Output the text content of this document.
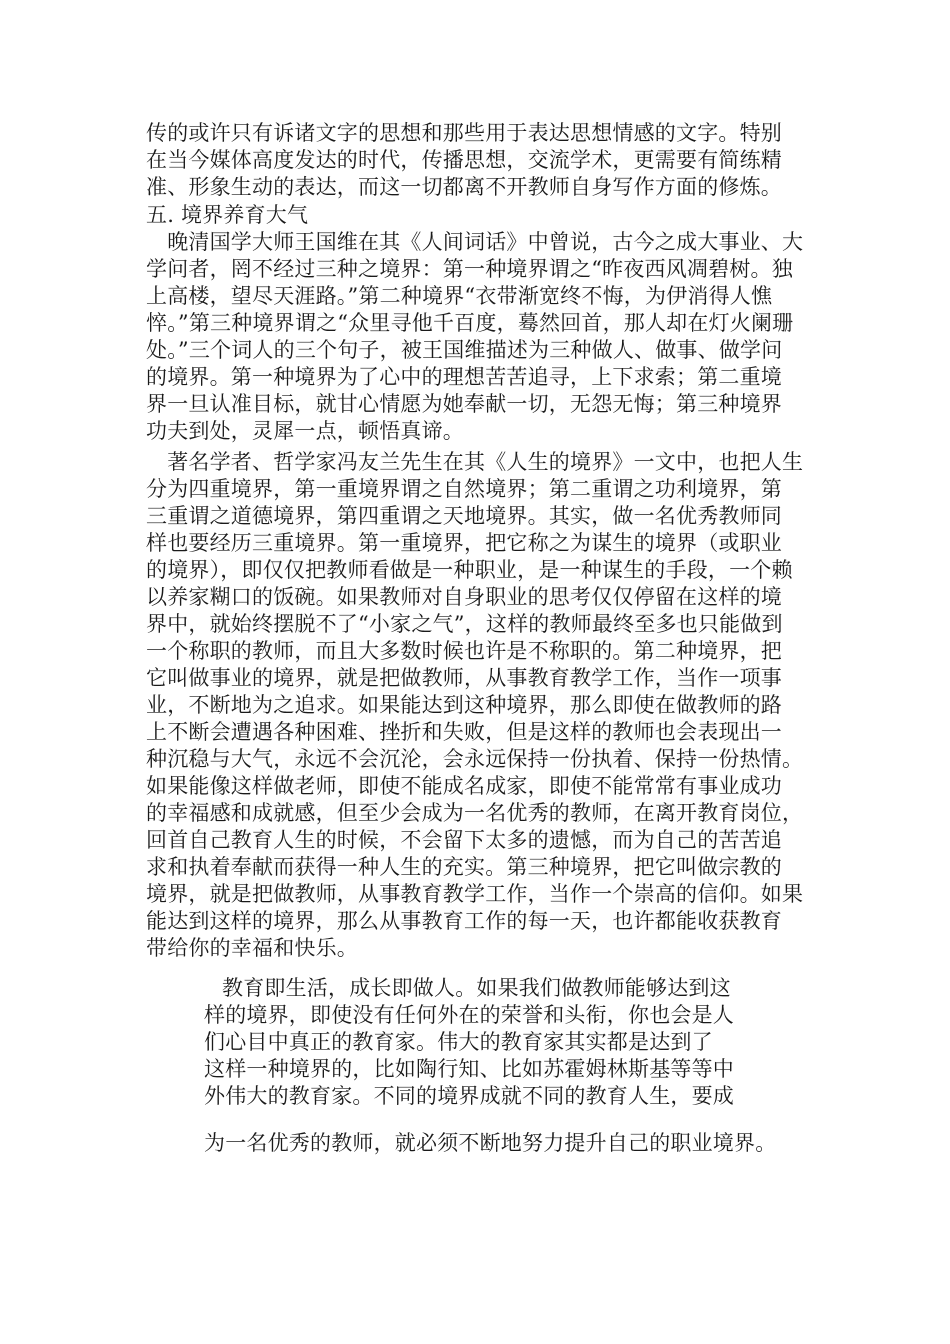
传的或许只有诉诸文字的思想和那些用于表达思想情感的文字。特别
在当今媒体高度发达的时代，传播思想，交流学术，更需要有简练精
准、形象生动的表达，而这一切都离不开教师自身写作方面的修炼。
五. 境界养育大气
　晚清国学大师王国维在其《人间词话》中曾说，古今之成大事业、大
学问者，罔不经过三种之境界：第一种境界谓之“昨夜西风凋碧树。独
上高楼，望尽天涯路。”第二种境界“衣带渐宽终不悔，为伊消得人憔
悴。”第三种境界谓之“众里寻他千百度，蓦然回首，那人却在灯火阑珊
处。”三个词人的三个句子，被王国维描述为三种做人、做事、做学问
的境界。第一种境界为了心中的理想苦苦追寻，上下求索；第二重境
界一旦认准目标，就甘心情愿为她奉献一切，无怨无悔；第三种境界
功夫到处，灵犀一点，顿悟真谛。
　著名学者、哲学家冯友兰先生在其《人生的境界》一文中，也把人生
分为四重境界，第一重境界谓之自然境界；第二重谓之功利境界，第
三重谓之道德境界，第四重谓之天地境界。其实，做一名优秀教师同
样也要经历三重境界。第一重境界，把它称之为谋生的境界（或职业
的境界），即仅仅把教师看做是一种职业，是一种谋生的手段，一个赖
以养家糊口的饭碗。如果教师对自身职业的思考仅仅停留在这样的境
界中，就始终摆脱不了“小家之气”，这样的教师最终至多也只能做到
一个称职的教师，而且大多数时候也许是不称职的。第二种境界，把
它叫做事业的境界，就是把做教师，从事教育教学工作，当作一项事
业，不断地为之追求。如果能达到这种境界，那么即使在做教师的路
上不断会遭遇各种困难、挫折和失败，但是这样的教师也会表现出一
种沉稳与大气，永远不会沉沦，会永远保持一份执着、保持一份热情。
如果能像这样做老师，即使不能成名成家，即使不能常常有事业成功
的幸福感和成就感，但至少会成为一名优秀的教师，在离开教育岗位，
回首自己教育人生的时候，不会留下太多的遗憾，而为自己的苦苦追
求和执着奉献而获得一种人生的充实。第三种境界，把它叫做宗教的
境界，就是把做教师，从事教育教学工作，当作一个崇高的信仰。如果
能达到这样的境界，那么从事教育工作的每一天，也许都能收获教育
带给你的幸福和快乐。
教育即生活，成长即做人。如果我们做教师能够达到这
样的境界，即使没有任何外在的荣誉和头衔，你也会是人
们心目中真正的教育家。伟大的教育家其实都是达到了
这样一种境界的，比如陶行知、比如苏霍姆林斯基等等中
外伟大的教育家。不同的境界成就不同的教育人生，要成
为一名优秀的教师，就必须不断地努力提升自己的职业境界。
